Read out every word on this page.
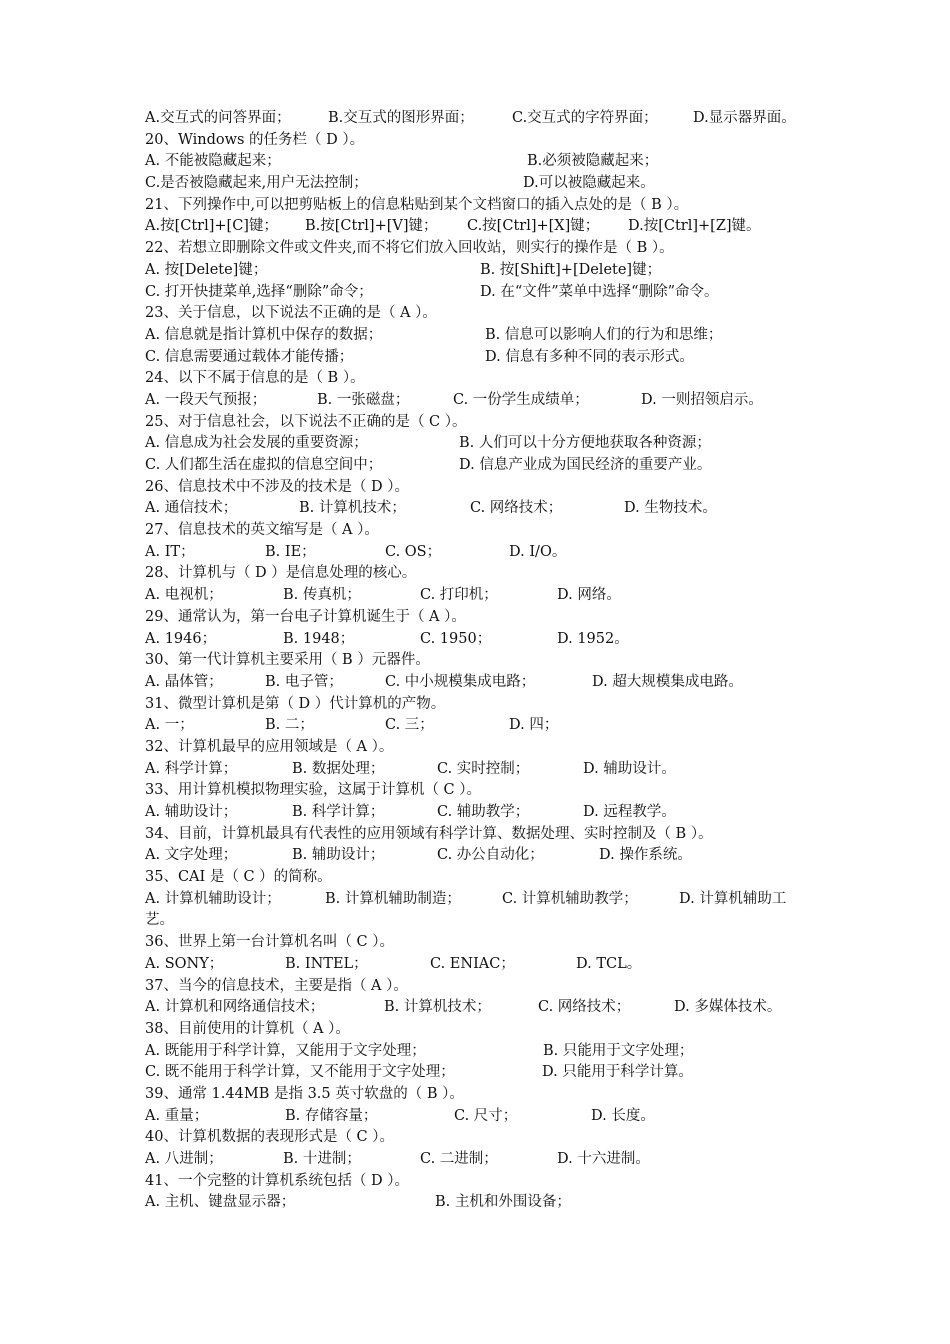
A.交互式的问答界面；	B.交互式的图形界面；	C.交互式的字符界面； D.显示器界面。
20、Windows 的任务栏（ D ）。
A. 不能被隐藏起来；	B.必须被隐藏起来；
C.是否被隐藏起来,用户无法控制；	D.可以被隐藏起来。
21、下列操作中,可以把剪贴板上的信息粘贴到某个文档窗口的插入点处的是（ B ）。
A.按[Ctrl]+[C]键； B.按[Ctrl]+[V]键； C.按[Ctrl]+[X]键； D.按[Ctrl]+[Z]键。
22、若想立即删除文件或文件夹,而不将它们放入回收站，则实行的操作是（ B ）。
A. 按[Delete]键；	B. 按[Shift]+[Delete]键；
C. 打开快捷菜单,选择“删除”命令；	D. 在“文件”菜单中选择“删除”命令。
23、关于信息，以下说法不正确的是（ A ）。
A. 信息就是指计算机中保存的数据；	B. 信息可以影响人们的行为和思维；
C. 信息需要通过载体才能传播；	D. 信息有多种不同的表示形式。
24、以下不属于信息的是（ B ）。
A. 一段天气预报；	B. 一张磁盘；	C. 一份学生成绩单；	D. 一则招领启示。
25、对于信息社会，以下说法不正确的是（ C ）。
A. 信息成为社会发展的重要资源；	B. 人们可以十分方便地获取各种资源；
C. 人们都生活在虚拟的信息空间中；	D. 信息产业成为国民经济的重要产业。
26、信息技术中不涉及的技术是（ D ）。
A. 通信技术；	B. 计算机技术；	C. 网络技术；	D. 生物技术。
27、信息技术的英文缩写是（ A ）。
A. IT；	B. IE；	C. OS；	D. I/O。
28、计算机与（ D ）是信息处理的核心。
A. 电视机；	B. 传真机；	C. 打印机；	D. 网络。
29、通常认为，第一台电子计算机诞生于（ A ）。
A. 1946；	B. 1948；	C. 1950；	D. 1952。
30、第一代计算机主要采用（ B ）元器件。
A. 晶体管；	B. 电子管；	C. 中小规模集成电路；	D. 超大规模集成电路。
31、微型计算机是第（ D ）代计算机的产物。
A. 一；	B. 二；	C. 三；	D. 四；
32、计算机最早的应用领域是（ A ）。
A. 科学计算；	B. 数据处理；	C. 实时控制；	D. 辅助设计。
33、用计算机模拟物理实验，这属于计算机（ C ）。
A. 辅助设计；	B. 科学计算；	C. 辅助教学；	D. 远程教学。
34、目前，计算机最具有代表性的应用领域有科学计算、数据处理、实时控制及（ B ）。
A. 文字处理；	B. 辅助设计；	C. 办公自动化；	D. 操作系统。
35、CAI 是（ C ）的简称。
A. 计算机辅助设计；	B. 计算机辅助制造；	C. 计算机辅助教学；	D. 计算机辅助工
艺。
36、世界上第一台计算机名叫（ C ）。
A. SONY；	B. INTEL；	C. ENIAC；	D. TCL。
37、当今的信息技术，主要是指（ A ）。
A. 计算机和网络通信技术；	B. 计算机技术；	C. 网络技术；	D. 多媒体技术。
38、目前使用的计算机（ A ）。
A. 既能用于科学计算，又能用于文字处理；	B. 只能用于文字处理；
C. 既不能用于科学计算，又不能用于文字处理；	D. 只能用于科学计算。
39、通常 1.44MB 是指 3.5 英寸软盘的（ B ）。
A. 重量；	B. 存储容量；	C. 尺寸；	D. 长度。
40、计算机数据的表现形式是（ C ）。
A. 八进制；	B. 十进制；	C. 二进制；	D. 十六进制。
41、一个完整的计算机系统包括（ D ）。
A. 主机、键盘显示器；	B. 主机和外围设备；
